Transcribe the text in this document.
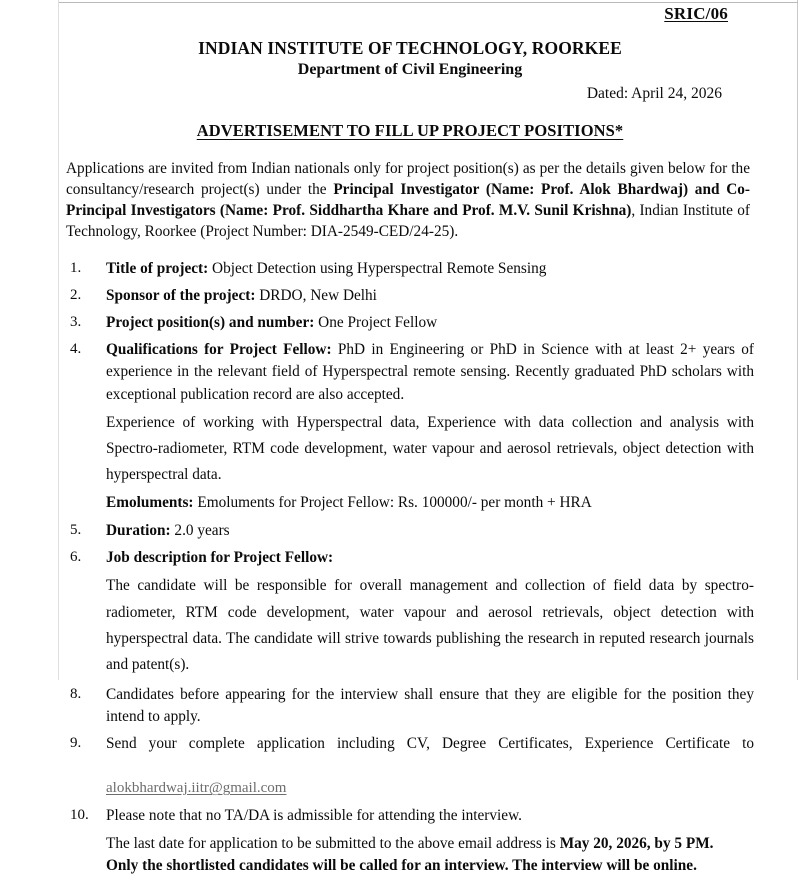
SRIC/06
INDIAN INSTITUTE OF TECHNOLOGY, ROORKEE
Department of Civil Engineering
Dated: April 24, 2026
ADVERTISEMENT TO FILL UP PROJECT POSITIONS*

Applications are invited from Indian nationals only for project position(s) as per the details given below for the consultancy/research project(s) under the Principal Investigator (Name: Prof. Alok Bhardwaj) and Co-Principal Investigators (Name: Prof. Siddhartha Khare and Prof. M.V. Sunil Krishna), Indian Institute of Technology, Roorkee (Project Number: DIA-2549-CED/24-25).

1.	Title of project: Object Detection using Hyperspectral Remote Sensing
2.	Sponsor of the project: DRDO, New Delhi
3.	Project position(s) and number: One Project Fellow
4.	Qualifications for Project Fellow: PhD in Engineering or PhD in Science with at least 2+ years of experience in the relevant field of Hyperspectral remote sensing. Recently graduated PhD scholars with exceptional publication record are also accepted.
Experience of working with Hyperspectral data, Experience with data collection and analysis with Spectro-radiometer, RTM code development, water vapour and aerosol retrievals, object detection with hyperspectral data.
Emoluments: Emoluments for Project Fellow: Rs. 100000/- per month + HRA
5.	Duration: 2.0 years
6.	Job description for Project Fellow:
The candidate will be responsible for overall management and collection of field data by spectro-radiometer, RTM code development, water vapour and aerosol retrievals, object detection with hyperspectral data. The candidate will strive towards publishing the research in reputed research journals and patent(s).
8.	Candidates before appearing for the interview shall ensure that they are eligible for the position they intend to apply.
9.	Send your complete application including CV, Degree Certificates, Experience Certificate to
alokbhardwaj.iitr@gmail.com
10.	Please note that no TA/DA is admissible for attending the interview.
The last date for application to be submitted to the above email address is May 20, 2026, by 5 PM.
Only the shortlisted candidates will be called for an interview. The interview will be online.
